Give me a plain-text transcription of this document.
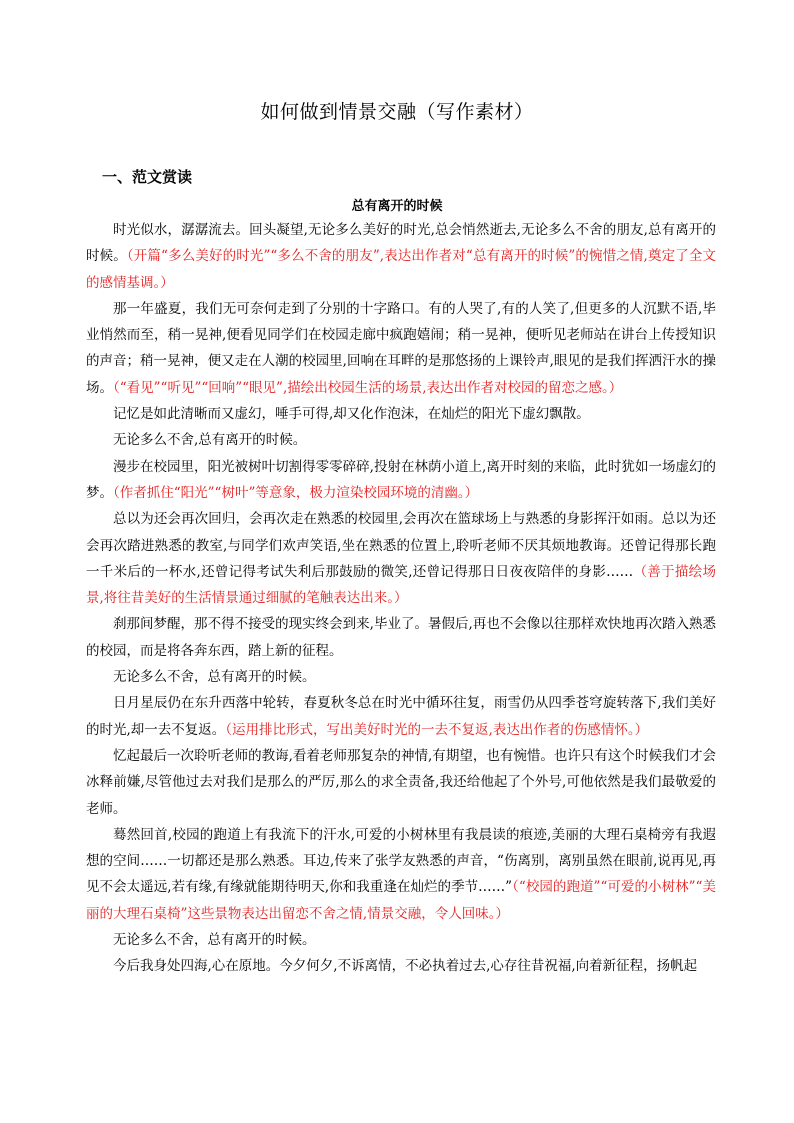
如何做到情景交融（写作素材）
一、范文赏读
总有离开的时候

时光似水，潺潺流去。回头凝望,无论多么美好的时光,总会悄然逝去,无论多么不舍的朋友,总有离开的时候。（开篇“多么美好的时光”“多么不舍的朋友”,表达出作者对“总有离开的时候”的惋惜之情,奠定了全文的感情基调。）

那一年盛夏，我们无可奈何走到了分别的十字路口。有的人哭了,有的人笑了,但更多的人沉默不语,毕业悄然而至，稍一晃神,便看见同学们在校园走廊中疯跑嬉闹；稍一晃神，便听见老师站在讲台上传授知识的声音；稍一晃神，便又走在人潮的校园里,回响在耳畔的是那悠扬的上课铃声,眼见的是我们挥洒汗水的操场。（“看见”“听见”“回响”“眼见”,描绘出校园生活的场景,表达出作者对校园的留恋之感。）

记忆是如此清晰而又虚幻，唾手可得,却又化作泡沫，在灿烂的阳光下虚幻飘散。

无论多么不舍,总有离开的时候。

漫步在校园里，阳光被树叶切割得零零碎碎,投射在林荫小道上,离开时刻的来临，此时犹如一场虚幻的梦。（作者抓住“阳光”“树叶”等意象，极力渲染校园环境的清幽。）

总以为还会再次回归，会再次走在熟悉的校园里,会再次在篮球场上与熟悉的身影挥汗如雨。总以为还会再次踏进熟悉的教室,与同学们欢声笑语,坐在熟悉的位置上,聆听老师不厌其烦地教诲。还曾记得那长跑一千米后的一杯水,还曾记得考试失利后那鼓励的微笑,还曾记得那日日夜夜陪伴的身影……（善于描绘场景,将往昔美好的生活情景通过细腻的笔触表达出来。）

刹那间梦醒，那不得不接受的现实终会到来,毕业了。暑假后,再也不会像以往那样欢快地再次踏入熟悉的校园，而是将各奔东西，踏上新的征程。

无论多么不舍，总有离开的时候。

日月星辰仍在东升西落中轮转，春夏秋冬总在时光中循环往复，雨雪仍从四季苍穹旋转落下,我们美好的时光,却一去不复返。（运用排比形式，写出美好时光的一去不复返,表达出作者的伤感情怀。）

忆起最后一次聆听老师的教诲,看着老师那复杂的神情,有期望，也有惋惜。也许只有这个时候我们才会冰释前嫌,尽管他过去对我们是那么的严厉,那么的求全责备,我还给他起了个外号,可他依然是我们最敬爱的老师。

蓦然回首,校园的跑道上有我流下的汗水,可爱的小树林里有我晨读的痕迹,美丽的大理石桌椅旁有我遐想的空间……一切都还是那么熟悉。耳边,传来了张学友熟悉的声音，“伤离别，离别虽然在眼前,说再见,再见不会太遥远,若有缘,有缘就能期待明天,你和我重逢在灿烂的季节……”（“校园的跑道”“可爱的小树林”“美丽的大理石桌椅”这些景物表达出留恋不舍之情,情景交融，令人回味。）

无论多么不舍，总有离开的时候。

今后我身处四海,心在原地。今夕何夕,不诉离情，不必执着过去,心存往昔祝福,向着新征程，扬帆起
